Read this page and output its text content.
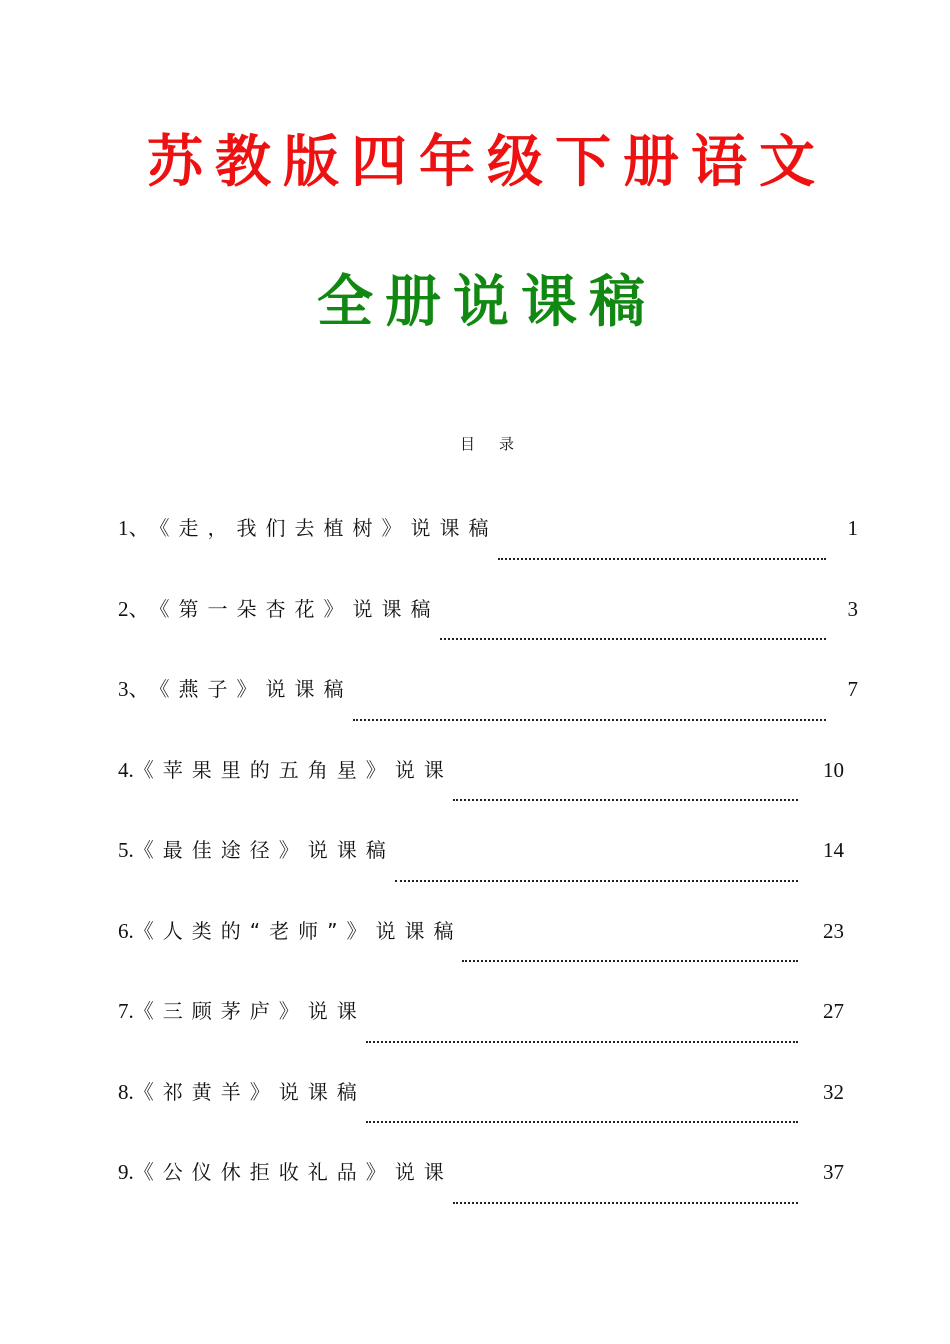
苏教版四年级下册语文
全册说课稿
目录
1、 《走，我们去植树》说课稿	1
2、 《第一朵杏花》说课稿	3
3、 《燕子》说课稿	7
4. 《苹果里的五角星》说课	10
5. 《最佳途径》说课稿	14
6. 《人类的“老师”》说课稿	23
7. 《三顾茅庐》说课	27
8. 《祁黄羊》说课稿	32
9. 《公仪休拒收礼品》说课	37
